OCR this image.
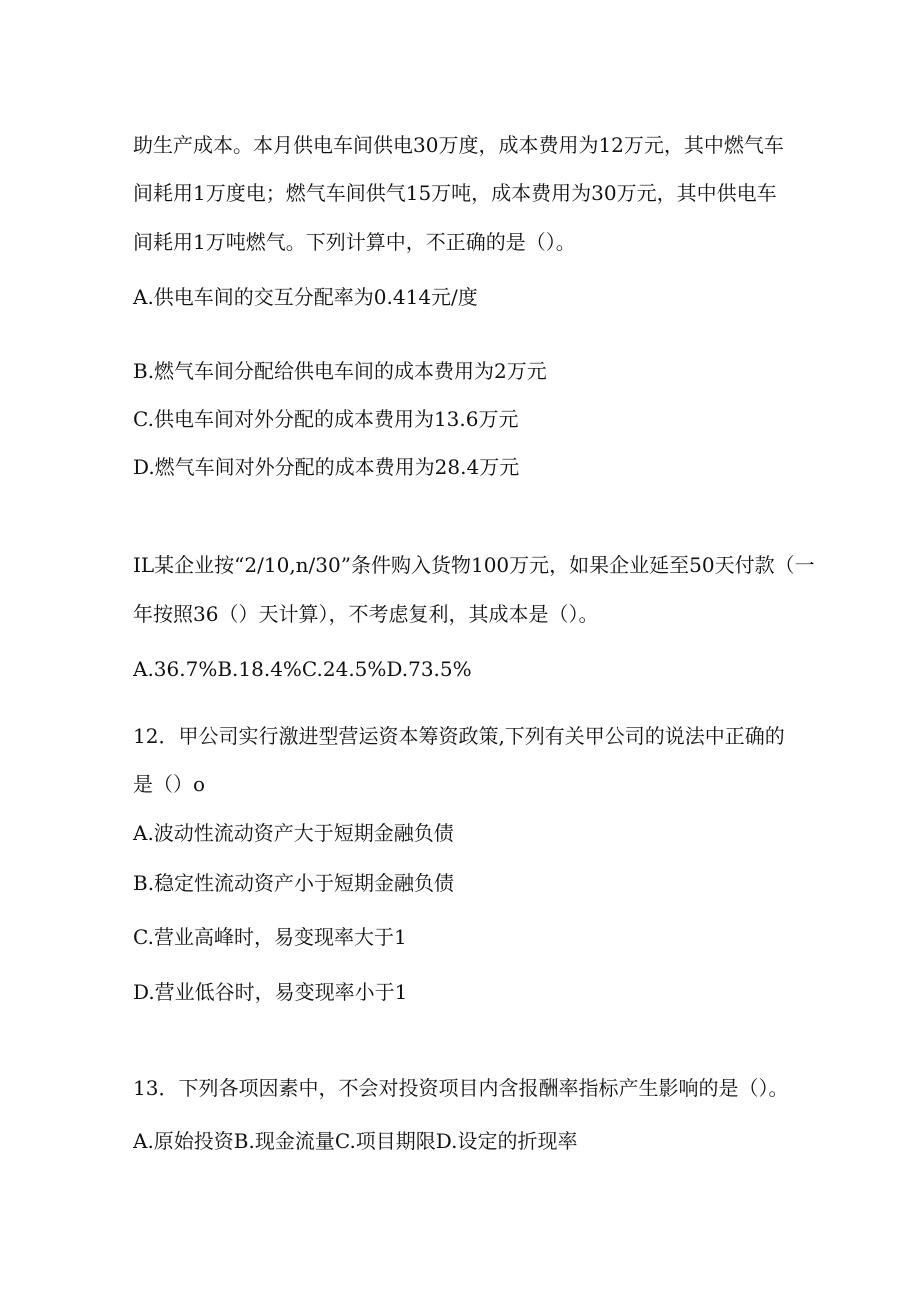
助生产成本。本月供电车间供电30万度，成本费用为12万元，其中燃气车
间耗用1万度电；燃气车间供气15万吨，成本费用为30万元，其中供电车
间耗用1万吨燃气。下列计算中，不正确的是（）。
A.供电车间的交互分配率为0.414元/度
B.燃气车间分配给供电车间的成本费用为2万元
C.供电车间对外分配的成本费用为13.6万元
D.燃气车间对外分配的成本费用为28.4万元
IL某企业按“2/10,n/30”条件购入货物100万元，如果企业延至50天付款（一
年按照36（）天计算），不考虑复利，其成本是（）。
A.36.7%B.18.4%C.24.5%D.73.5%
12．甲公司实行激进型营运资本筹资政策,下列有关甲公司的说法中正确的
是（）o
A.波动性流动资产大于短期金融负债
B.稳定性流动资产小于短期金融负债
C.营业高峰时，易变现率大于1
D.营业低谷时，易变现率小于1
13．下列各项因素中，不会对投资项目内含报酬率指标产生影响的是（）。
A.原始投资B.现金流量C.项目期限D.设定的折现率
